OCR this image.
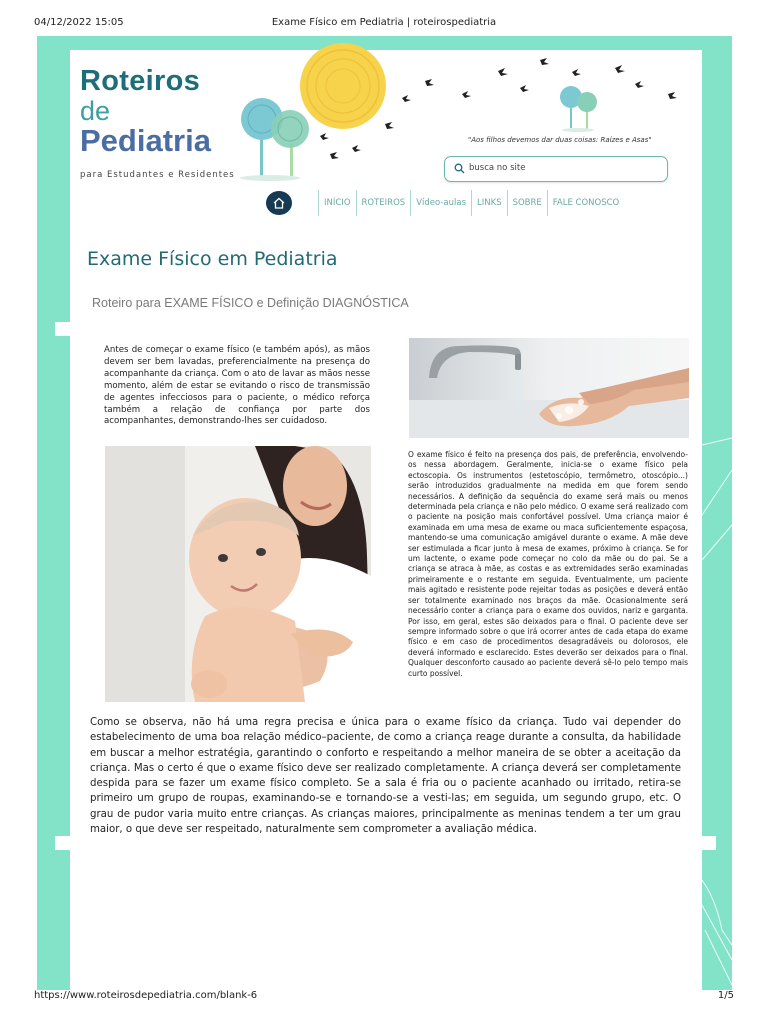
04/12/2022 15:05	Exame Físico em Pediatria | roteirospediatria
Roteiros
de
Pediatria
para Estudantes e Residentes
"Aos filhos devemos dar duas coisas: Raízes e Asas"
busca no site
INÍCIO	ROTEIROS	Vídeo-aulas	LINKS	SOBRE	FALE CONOSCO
Exame Físico em Pediatria
Roteiro para EXAME FÍSICO e Definição DIAGNÓSTICA

Antes de começar o exame físico (e também após), as mãos devem ser bem lavadas, preferencialmente na presença do acompanhante da criança. Com o ato de lavar as mãos nesse momento, além de estar se evitando o risco de transmissão de agentes infecciosos para o paciente, o médico reforça também a relação de confiança por parte dos acompanhantes, demonstrando-lhes ser cuidadoso.

O exame físico é feito na presença dos pais, de preferência, envolvendo-os nessa abordagem. Geralmente, inicia-se o exame físico pela ectoscopia. Os instrumentos (estetoscópio, termômetro, otoscópio...) serão introduzidos gradualmente na medida em que forem sendo necessários. A definição da sequência do exame será mais ou menos determinada pela criança e não pelo médico. O exame será realizado com o paciente na posição mais confortável possível. Uma criança maior é examinada em uma mesa de exame ou maca suficientemente espaçosa, mantendo-se uma comunicação amigável durante o exame. A mãe deve ser estimulada a ficar junto à mesa de exames, próximo à criança. Se for um lactente, o exame pode começar no colo da mãe ou do pai. Se a criança se atraca à mãe, as costas e as extremidades serão examinadas primeiramente e o restante em seguida. Eventualmente, um paciente mais agitado e resistente pode rejeitar todas as posições e deverá então ser totalmente examinado nos braços da mãe. Ocasionalmente será necessário conter a criança para o exame dos ouvidos, nariz e garganta. Por isso, em geral, estes são deixados para o final. O paciente deve ser sempre informado sobre o que irá ocorrer antes de cada etapa do exame físico e em caso de procedimentos desagradáveis ou dolorosos, ele deverá informado e esclarecido. Estes deverão ser deixados para o final. Qualquer desconforto causado ao paciente deverá sê-lo pelo tempo mais curto possível.

Como se observa, não há uma regra precisa e única para o exame físico da criança. Tudo vai depender do estabelecimento de uma boa relação médico–paciente, de como a criança reage durante a consulta, da habilidade em buscar a melhor estratégia, garantindo o conforto e respeitando a melhor maneira de se obter a aceitação da criança. Mas o certo é que o exame físico deve ser realizado completamente. A criança deverá ser completamente despida para se fazer um exame físico completo. Se a sala é fria ou o paciente acanhado ou irritado, retira-se primeiro um grupo de roupas, examinando-se e tornando-se a vesti-las; em seguida, um segundo grupo, etc. O grau de pudor varia muito entre crianças. As crianças maiores, principalmente as meninas tendem a ter um grau maior, o que deve ser respeitado, naturalmente sem comprometer a avaliação médica.

https://www.roteirosdepediatria.com/blank-6	1/5
